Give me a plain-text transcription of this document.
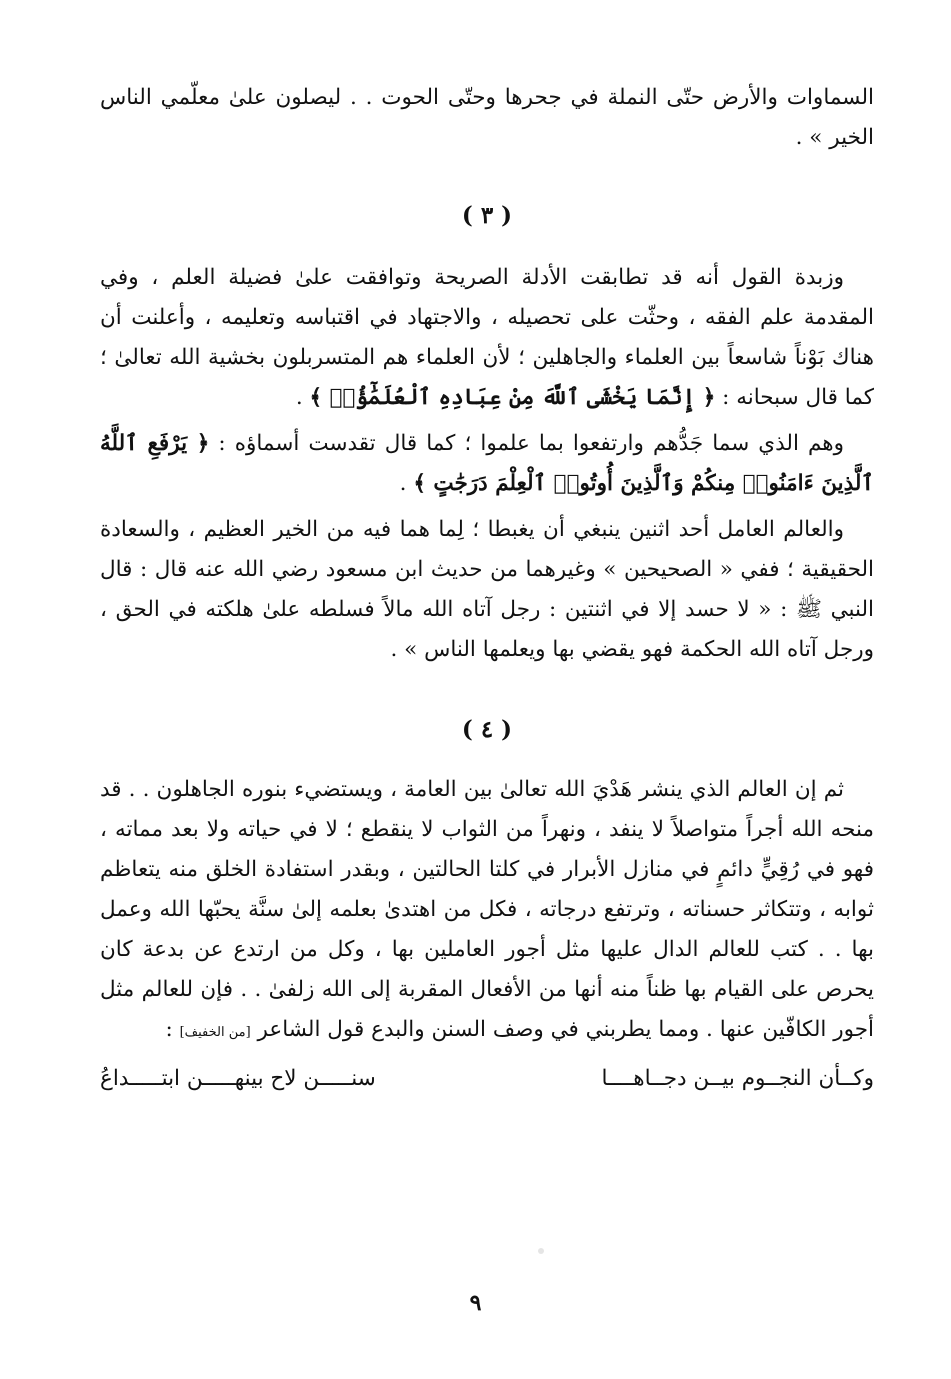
السماوات والأرض حتّى النملة في جحرها وحتّى الحوت . . ليصلون علىٰ معلّمي الناس الخير » .

( ٣ )

وزبدة القول أنه قد تطابقت الأدلة الصريحة وتوافقت علىٰ فضيلة العلم ، وفي المقدمة علم الفقه ، وحثّت على تحصيله ، والاجتهاد في اقتباسه وتعليمه ، وأعلنت أن هناك بَوْناً شاسعاً بين العلماء والجاهلين ؛ لأن العلماء هم المتسربلون بخشية الله تعالىٰ ؛ كما قال سبحانه : ﴿ إِنَّمَا يَخْشَى ٱللَّهَ مِنْ عِبَادِهِ ٱلْعُلَمَٰٓؤُا۟ ﴾ .

وهم الذي سما جَدُّهم وارتفعوا بما علموا ؛ كما قال تقدست أسماؤه : ﴿ يَرْفَعِ ٱللَّهُ ٱلَّذِينَ ءَامَنُوا۟ مِنكُمْ وَٱلَّذِينَ أُوتُوا۟ ٱلْعِلْمَ دَرَجَٰتٍ ﴾ .

والعالم العامل أحد اثنين ينبغي أن يغبطا ؛ لِما هما فيه من الخير العظيم ، والسعادة الحقيقية ؛ ففي « الصحيحين » وغيرهما من حديث ابن مسعود رضي الله عنه قال : قال النبي ﷺ : « لا حسد إلا في اثنتين : رجل آتاه الله مالاً فسلطه علىٰ هلكته في الحق ، ورجل آتاه الله الحكمة فهو يقضي بها ويعلمها الناس » .

( ٤ )

ثم إن العالم الذي ينشر هَدْيَ الله تعالىٰ بين العامة ، ويستضيء بنوره الجاهلون . . قد منحه الله أجراً متواصلاً لا ينفد ، ونهراً من الثواب لا ينقطع ؛ لا في حياته ولا بعد مماته ، فهو في رُقِيٍّ دائمٍ في منازل الأبرار في كلتا الحالتين ، وبقدر استفادة الخلق منه يتعاظم ثوابه ، وتتكاثر حسناته ، وترتفع درجاته ، فكل من اهتدىٰ بعلمه إلىٰ سنَّة يحبّها الله وعمل بها . . كتب للعالم الدال عليها مثل أجور العاملين بها ، وكل من ارتدع عن بدعة كان يحرص على القيام بها ظناً منه أنها من الأفعال المقربة إلى الله زلفىٰ . . فإن للعالم مثل أجور الكافّين عنها . ومما يطربني في وصف السنن والبدع قول الشاعر [من الخفيف] :

وكــأن النجــوم بيــن دجــاهــــا
سنـــــن لاح بينهـــــن ابتـــــداعُ
٩
